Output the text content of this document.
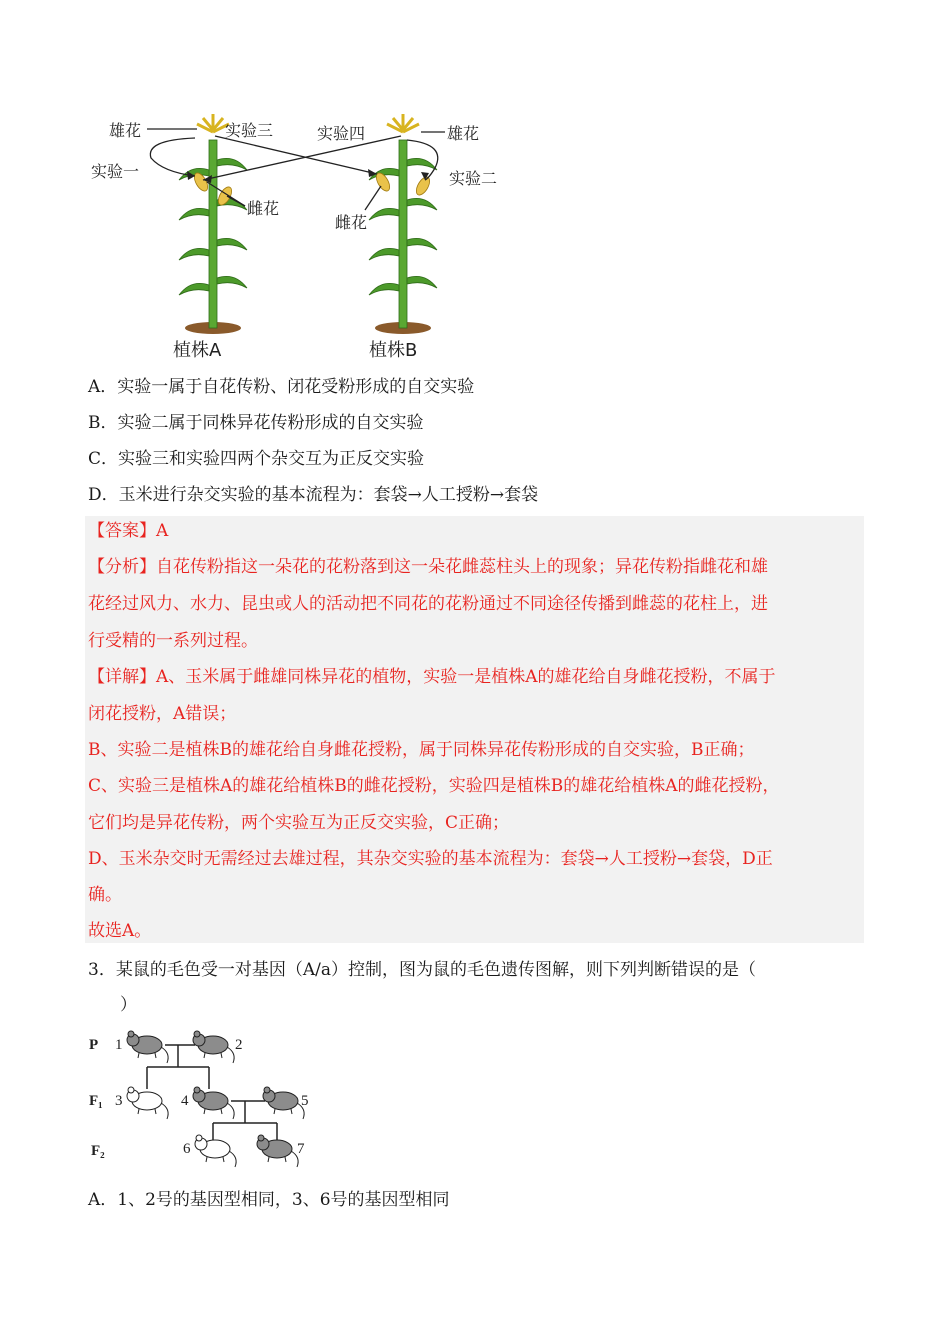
雄花	实验三	实验四	雄花
实验一	实验二
雌花
雌花
植株A	植株B
A．实验一属于自花传粉、闭花受粉形成的自交实验
B．实验二属于同株异花传粉形成的自交实验
C．实验三和实验四两个杂交互为正反交实验
D．玉米进行杂交实验的基本流程为：套袋→人工授粉→套袋
【答案】A
【分析】自花传粉指这一朵花的花粉落到这一朵花雌蕊柱头上的现象；异花传粉指雌花和雄
花经过风力、水力、昆虫或人的活动把不同花的花粉通过不同途径传播到雌蕊的花柱上，进
行受精的一系列过程。
【详解】A、玉米属于雌雄同株异花的植物，实验一是植株A的雄花给自身雌花授粉，不属于
闭花授粉，A错误；
B、实验二是植株B的雄花给自身雌花授粉，属于同株异花传粉形成的自交实验，B正确；
C、实验三是植株A的雄花给植株B的雌花授粉，实验四是植株B的雄花给植株A的雌花授粉，
它们均是异花传粉，两个实验互为正反交实验，C正确；
D、玉米杂交时无需经过去雄过程，其杂交实验的基本流程为：套袋→人工授粉→套袋，D正
确。
故选A。
3．某鼠的毛色受一对基因（A/a）控制，图为鼠的毛色遗传图解，则下列判断错误的是（
）
P
F₁
F₂
1	2
3	4	5
6	7
A．1、2号的基因型相同，3、6号的基因型相同
